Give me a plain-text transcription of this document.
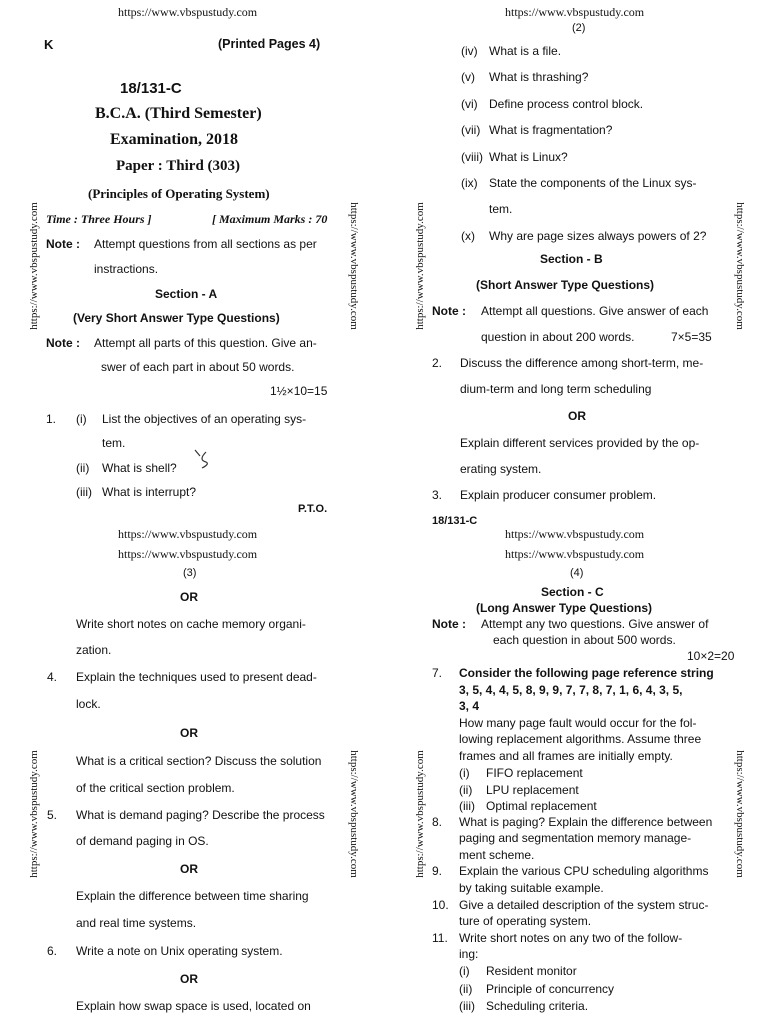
https://www.vbspustudy.com
K	(Printed Pages 4)
18/131-C
B.C.A. (Third Semester)
Examination, 2018
Paper : Third (303)
(Principles of Operating System)
Time : Three Hours ]	[ Maximum Marks : 70
Note : Attempt questions from all sections as per
instractions.
Section - A
(Very Short Answer Type Questions)
Note : Attempt all parts of this question. Give an-
swer of each part in about 50 words.
1½×10=15
1. (i) List the objectives of an operating sys-
tem.
(ii) What is shell?
(iii) What is interrupt?
P.T.O.
https://www.vbspustudy.com	https://www.vbspustudy.com
https://www.vbspustudy.com
(2)
(iv) What is a file.
(v) What is thrashing?
(vi) Define process control block.
(vii) What is fragmentation?
(viii) What is Linux?
(ix) State the components of the Linux sys-
tem.
(x) Why are page sizes always powers of 2?
Section - B
(Short Answer Type Questions)
Note : Attempt all questions. Give answer of each
question in about 200 words.	7×5=35
2. Discuss the difference among short-term, me-
dium-term and long term scheduling
OR
Explain different services provided by the op-
erating system.
3. Explain producer consumer problem.
18/131-C
https://www.vbspustudy.com	https://www.vbspustudy.com
https://www.vbspustudy.com
https://www.vbspustudy.com
(3)
OR
Write short notes on cache memory organi-
zation.
4. Explain the techniques used to present dead-
lock.
OR
What is a critical section? Discuss the solution
of the critical section problem.
5. What is demand paging? Describe the process
of demand paging in OS.
OR
Explain the difference between time sharing
and real time systems.
6. Write a note on Unix operating system.
OR
Explain how swap space is used, located on
https://www.vbspustudy.com	https://www.vbspustudy.com
https://www.vbspustudy.com
https://www.vbspustudy.com
(4)
Section - C
(Long Answer Type Questions)
Note : Attempt any two questions. Give answer of
each question in about 500 words.
10×2=20
7. Consider the following page reference string
3, 5, 4, 4, 5, 8, 9, 9, 7, 7, 8, 7, 1, 6, 4, 3, 5,
3, 4
How many page fault would occur for the fol-
lowing replacement algorithms. Assume three
frames and all frames are initially empty.
(i) FIFO replacement
(ii) LPU replacement
(iii) Optimal replacement
8. What is paging? Explain the difference between
paging and segmentation memory manage-
ment scheme.
9. Explain the various CPU scheduling algorithms
by taking suitable example.
10. Give a detailed description of the system struc-
ture of operating system.
11. Write short notes on any two of the follow-
ing:
(i) Resident monitor
(ii) Principle of concurrency
(iii) Scheduling criteria.
https://www.vbspustudy.com	https://www.vbspustudy.com
